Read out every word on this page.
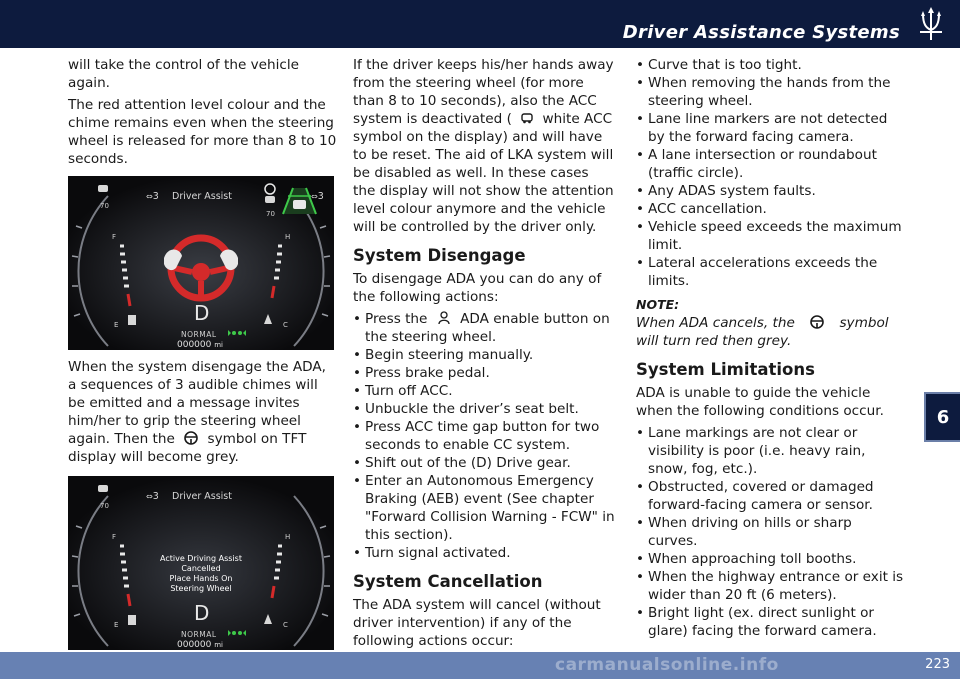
Driver Assistance Systems
6

will take the control of the vehicle again.

The red attention level colour and the chime remains even when the steering wheel is released for more than 8 to 10 seconds.

Driver Assist
70
70
⇔3	⇔3
F
E
H
C
D
NORMAL
000000 mi

When the system disengage the ADA, a sequences of 3 audible chimes will be emitted and a message invites him/her to grip the steering wheel again. Then the symbol on TFT display will become grey.

Driver Assist
70
⇔3
F
E
H
C
Active Driving Assist
Cancelled
Place Hands On
Steering Wheel
D
NORMAL
000000 mi

If the driver keeps his/her hands away from the steering wheel (for more than 8 to 10 seconds), also the ACC system is deactivated ( white ACC symbol on the display) and will have to be reset. The aid of LKA system will be disabled as well. In these cases the display will not show the attention level colour anymore and the vehicle will be controlled by the driver only.

System Disengage

To disengage ADA you can do any of the following actions:

• Press the ADA enable button on the steering wheel.
• Begin steering manually.
• Press brake pedal.
• Turn off ACC.
• Unbuckle the driver’s seat belt.
• Press ACC time gap button for two seconds to enable CC system.
• Shift out of the (D) Drive gear.
• Enter an Autonomous Emergency Braking (AEB) event (See chapter "Forward Collision Warning - FCW" in this section).
• Turn signal activated.
System Cancellation

The ADA system will cancel (without driver intervention) if any of the following actions occur:

• Curve that is too tight.
• When removing the hands from the steering wheel.
• Lane line markers are not detected by the forward facing camera.
• A lane intersection or roundabout (traffic circle).
• Any ADAS system faults.
• ACC cancellation.
• Vehicle speed exceeds the maximum limit.
• Lateral accelerations exceeds the limits.
NOTE:

When ADA cancels, the	symbol will turn red then grey.

System Limitations

ADA is unable to guide the vehicle when the following conditions occur.

• Lane markings are not clear or visibility is poor (i.e. heavy rain, snow, fog, etc.).
• Obstructed, covered or damaged forward-facing camera or sensor.
• When driving on hills or sharp curves.
• When approaching toll booths.
• When the highway entrance or exit is wider than 20 ft (6 meters).
• Bright light (ex. direct sunlight or glare) facing the forward camera.
carmanualsonline.info	223
